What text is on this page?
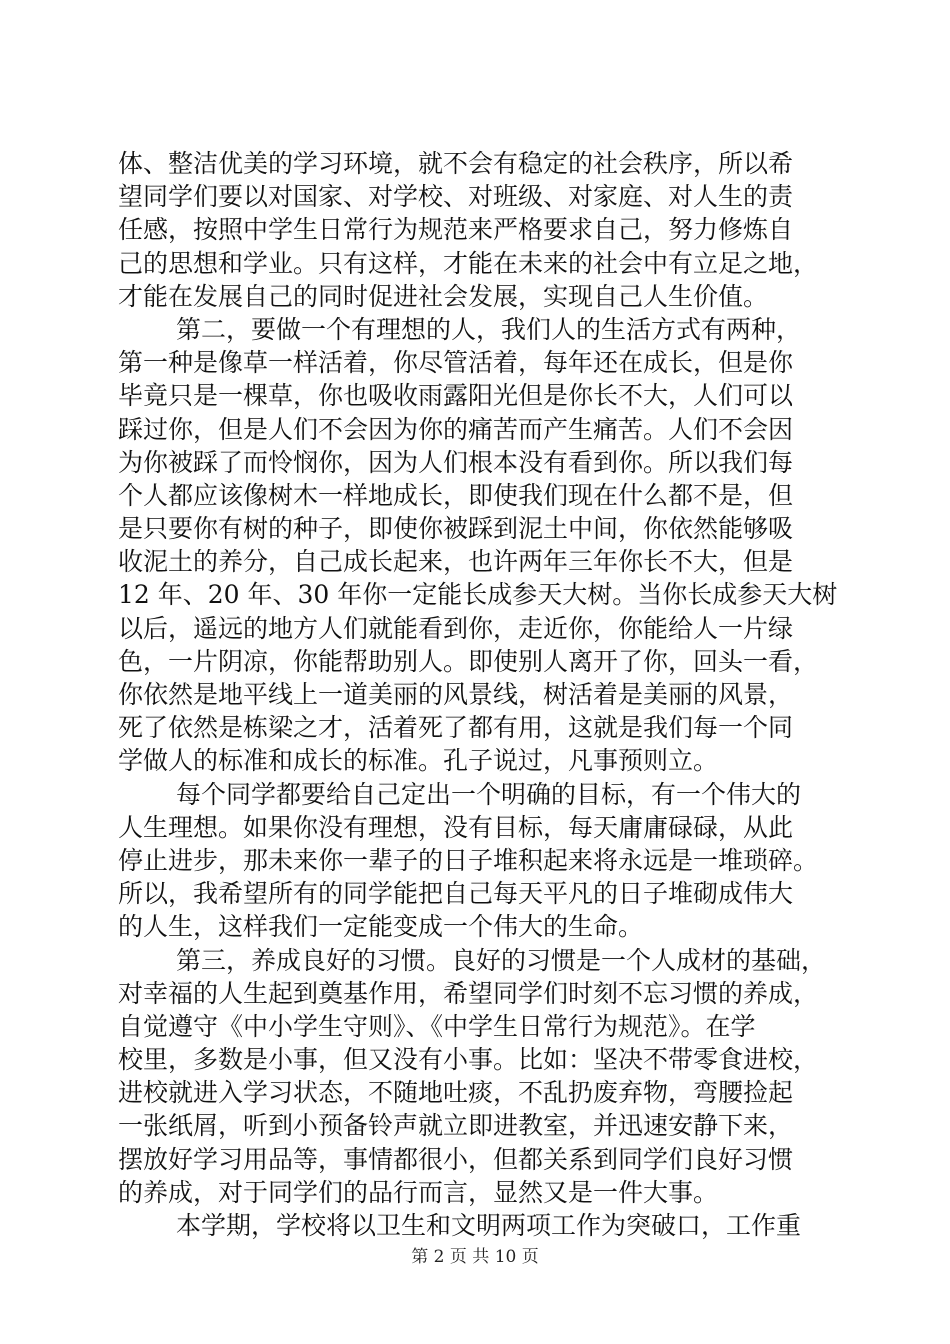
体、整洁优美的学习环境，就不会有稳定的社会秩序，所以希
望同学们要以对国家、对学校、对班级、对家庭、对人生的责
任感，按照中学生日常行为规范来严格要求自己，努力修炼自
己的思想和学业。只有这样，才能在未来的社会中有立足之地，
才能在发展自己的同时促进社会发展，实现自己人生价值。
第二，要做一个有理想的人，我们人的生活方式有两种，
第一种是像草一样活着，你尽管活着，每年还在成长，但是你
毕竟只是一棵草，你也吸收雨露阳光但是你长不大，人们可以
踩过你，但是人们不会因为你的痛苦而产生痛苦。人们不会因
为你被踩了而怜悯你，因为人们根本没有看到你。所以我们每
个人都应该像树木一样地成长，即使我们现在什么都不是，但
是只要你有树的种子，即使你被踩到泥土中间，你依然能够吸
收泥土的养分，自己成长起来，也许两年三年你长不大，但是
12 年、20 年、30 年你一定能长成参天大树。当你长成参天大树
以后，遥远的地方人们就能看到你，走近你，你能给人一片绿
色，一片阴凉，你能帮助别人。即使别人离开了你，回头一看，
你依然是地平线上一道美丽的风景线，树活着是美丽的风景，
死了依然是栋梁之才，活着死了都有用，这就是我们每一个同
学做人的标准和成长的标准。孔子说过，凡事预则立。
每个同学都要给自己定出一个明确的目标，有一个伟大的
人生理想。如果你没有理想，没有目标，每天庸庸碌碌，从此
停止进步，那未来你一辈子的日子堆积起来将永远是一堆琐碎。
所以，我希望所有的同学能把自己每天平凡的日子堆砌成伟大
的人生，这样我们一定能变成一个伟大的生命。
第三，养成良好的习惯。良好的习惯是一个人成材的基础，
对幸福的人生起到奠基作用，希望同学们时刻不忘习惯的养成，
自觉遵守《中小学生守则》、《中学生日常行为规范》。在学
校里，多数是小事，但又没有小事。比如：坚决不带零食进校，
进校就进入学习状态，不随地吐痰，不乱扔废弃物，弯腰捡起
一张纸屑，听到小预备铃声就立即进教室，并迅速安静下来，
摆放好学习用品等，事情都很小，但都关系到同学们良好习惯
的养成，对于同学们的品行而言，显然又是一件大事。
本学期，学校将以卫生和文明两项工作为突破口，工作重
第 2 页 共 10 页
